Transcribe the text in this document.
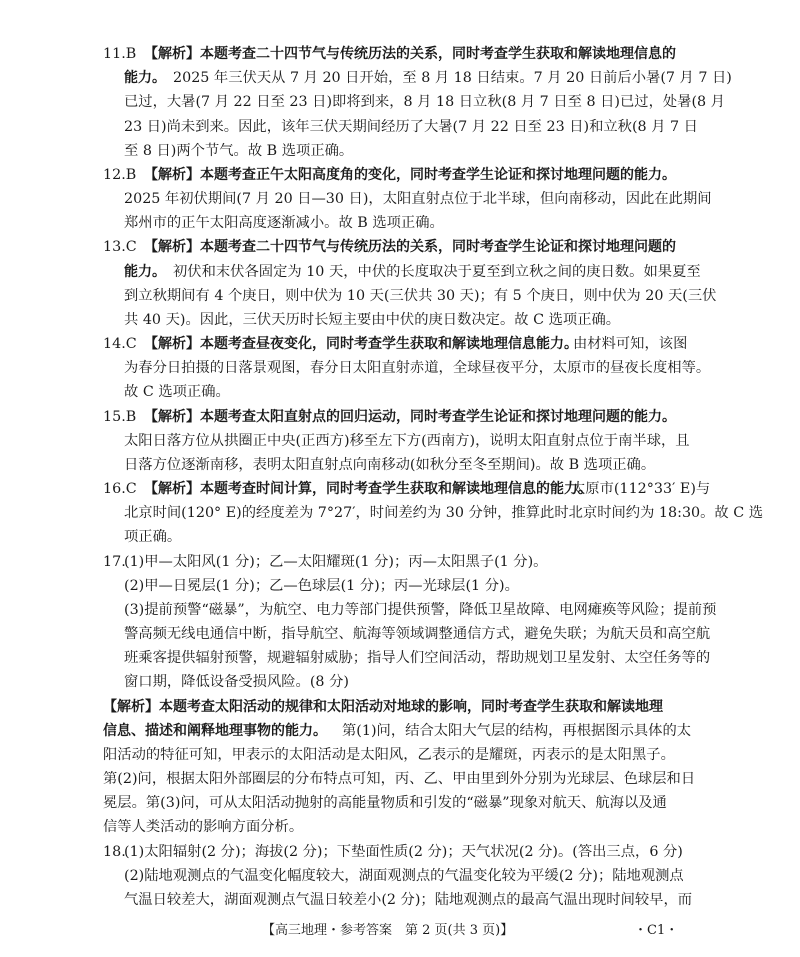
11.B 【解析】 本题考查二十四节气与传统历法的关系，同时考查学生获取和解读地理信息的
能力。 2025 年三伏天从 7 月 20 日开始，至 8 月 18 日结束。7 月 20 日前后小暑(7 月 7 日)
已过，大暑(7 月 22 日至 23 日)即将到来，8 月 18 日立秋(8 月 7 日至 8 日)已过，处暑(8 月
23 日)尚未到来。因此，该年三伏天期间经历了大暑(7 月 22 日至 23 日)和立秋(8 月 7 日
至 8 日)两个节气。故 B 选项正确。
12.B 【解析】 本题考查正午太阳高度角的变化，同时考查学生论证和探讨地理问题的能力。
2025 年初伏期间(7 月 20 日—30 日)，太阳直射点位于北半球，但向南移动，因此在此期间
郑州市的正午太阳高度逐渐减小。故 B 选项正确。
13.C 【解析】 本题考查二十四节气与传统历法的关系，同时考查学生论证和探讨地理问题的
能力。 初伏和末伏各固定为 10 天，中伏的长度取决于夏至到立秋之间的庚日数。如果夏至
到立秋期间有 4 个庚日，则中伏为 10 天(三伏共 30 天)；有 5 个庚日，则中伏为 20 天(三伏
共 40 天)。因此，三伏天历时长短主要由中伏的庚日数决定。故 C 选项正确。
14.C 【解析】 本题考查昼夜变化，同时考查学生获取和解读地理信息能力。
由材料可知，该图
为春分日拍摄的日落景观图，春分日太阳直射赤道，全球昼夜平分，太原市的昼夜长度相等。
故 C 选项正确。
15.B 【解析】 本题考查太阳直射点的回归运动，同时考查学生论证和探讨地理问题的能力。
太阳日落方位从拱圈正中央(正西方)移至左下方(西南方)，说明太阳直射点位于南半球，且
日落方位逐渐南移，表明太阳直射点向南移动(如秋分至冬至期间)。故 B 选项正确。
16.C 【解析】 本题考查时间计算，同时考查学生获取和解读地理信息的能力。
太原市(112°33′ E)与
北京时间(120° E)的经度差为 7°27′，时间差约为 30 分钟，推算此时北京时间约为 18:30。故 C 选
项正确。
17.
(1)甲—太阳风(1 分)；乙—太阳耀斑(1 分)；丙—太阳黑子(1 分)。
(2)甲—日冕层(1 分)；乙—色球层(1 分)；丙—光球层(1 分)。
(3)提前预警“磁暴”，为航空、电力等部门提供预警，降低卫星故障、电网瘫痪等风险；提前预
警高频无线电通信中断，指导航空、航海等领域调整通信方式，避免失联；为航天员和高空航
班乘客提供辐射预警，规避辐射威胁；指导人们空间活动，帮助规划卫星发射、太空任务等的
窗口期，降低设备受损风险。(8 分)
【解析】 本题考查太阳活动的规律和太阳活动对地球的影响，同时考查学生获取和解读地理
信息、描述和阐释地理事物的能力。 第(1)问，结合太阳大气层的结构，再根据图示具体的太
阳活动的特征可知，甲表示的太阳活动是太阳风，乙表示的是耀斑，丙表示的是太阳黑子。
第(2)问，根据太阳外部圈层的分布特点可知，丙、乙、甲由里到外分别为光球层、色球层和日
冕层。第(3)问，可从太阳活动抛射的高能量物质和引发的“磁暴”现象对航天、航海以及通
信等人类活动的影响方面分析。
【高三地理・参考答案　第 2 页(共 3 页)】	・C1・
18.
(1)太阳辐射(2 分)；海拔(2 分)；下垫面性质(2 分)；天气状况(2 分)。(答出三点，6 分)
(2)陆地观测点的气温变化幅度较大，湖面观测点的气温变化较为平缓(2 分)；陆地观测点
气温日较差大，湖面观测点气温日较差小(2 分)；陆地观测点的最高气温出现时间较早，而
